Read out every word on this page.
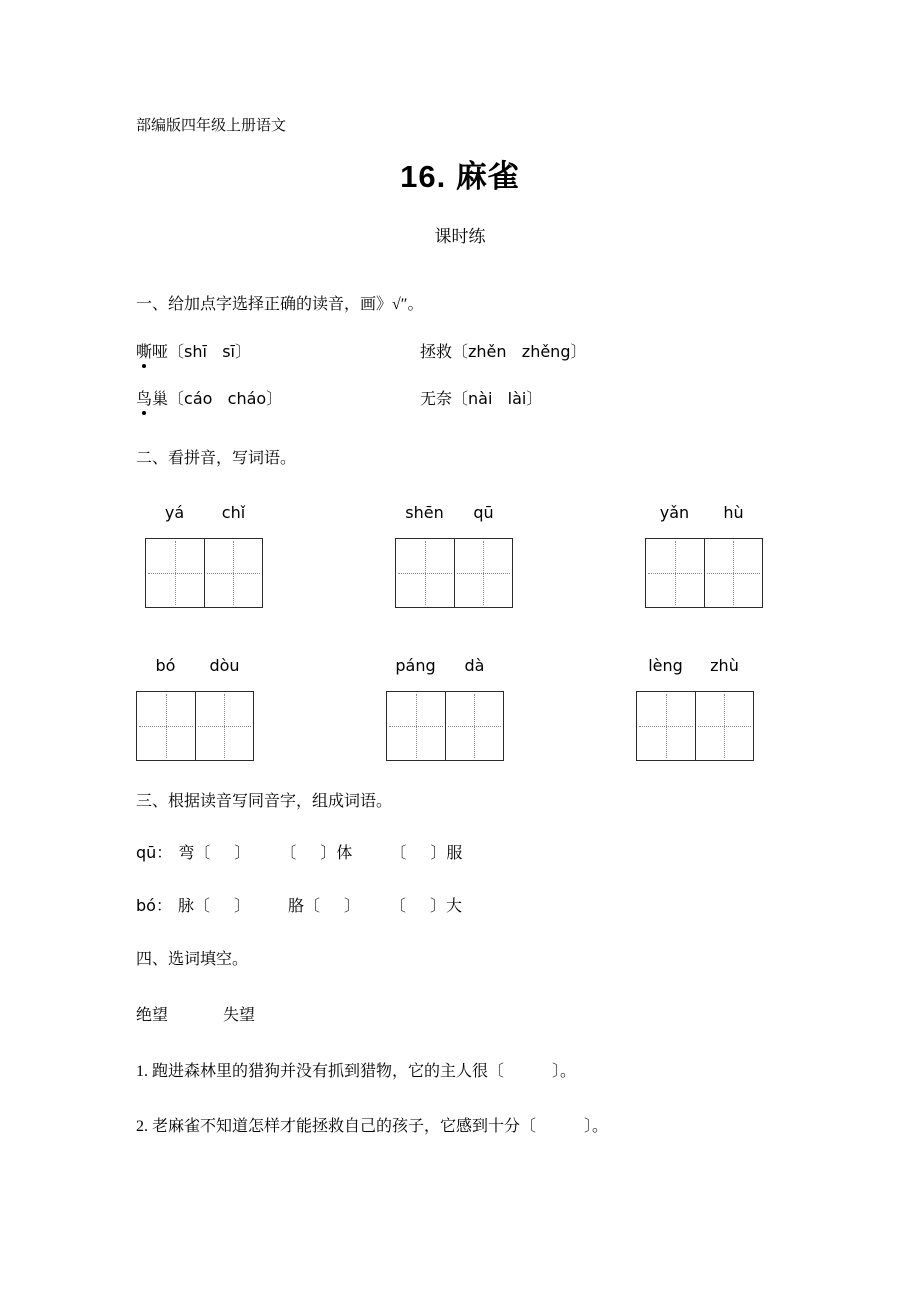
部编版四年级上册语文
16. 麻雀
课时练
一、给加点字选择正确的读音，画》√″。
嘶哑〔shī   sī〕	拯救〔zhěn   zhěng〕
鸟巢〔cáo   cháo〕	无奈〔nài   lài〕
二、看拼音，写词语。
yá	chǐ	shēn	qū	yǎn	hù
bó	dòu	páng	dà	lèng	zhù
三、根据读音写同音字，组成词语。
qū： 弯〔      〕 〔      〕体 〔      〕服
bó： 脉〔      〕 胳〔      〕 〔      〕大
四、选词填空。
绝望	失望
1. 跑进森林里的猎狗并没有抓到猎物，它的主人很〔            〕。
2. 老麻雀不知道怎样才能拯救自己的孩子，它感到十分〔            〕。
